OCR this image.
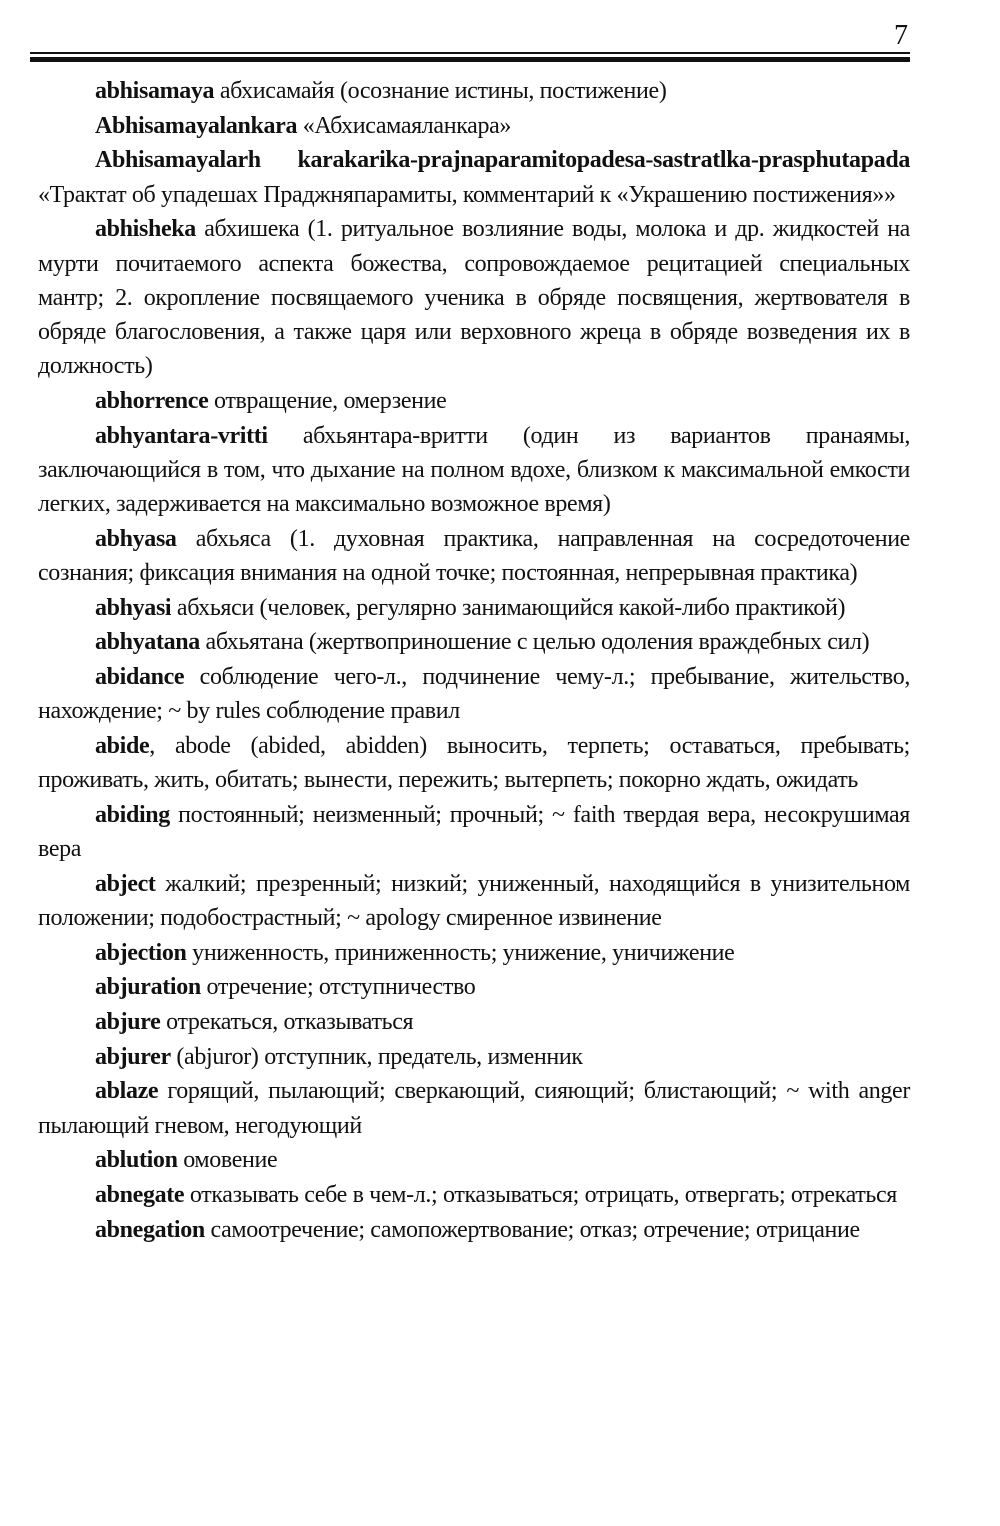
7

abhisamaya абхисамайя (осознание истины, постижение)

Abhisamayalankara «Абхисамаяланкара»

Abhisamayalarh karakarika-prajnaparamitopadesa-sastratlka-prasphutapada «Трактат об упадешах Праджняпарамиты, комментарий к «Украшению постижения»»

abhisheka абхишека (1. ритуальное возлияние воды, молока и др. жидкостей на мурти почитаемого аспекта божества, сопровождаемое рецитацией специальных мантр; 2. окропление посвящаемого ученика в обряде посвящения, жертвователя в обряде благословения, а также царя или верховного жреца в обряде возведения их в должность)

abhorrence отвращение, омерзение

abhyantara-vritti абхьянтара-вритти (один из вариантов пранаямы, заключающийся в том, что дыхание на полном вдохе, близком к максимальной емкости легких, задерживается на максимально возможное время)

abhyasa абхьяса (1. духовная практика, направленная на сосредоточение сознания; фиксация внимания на одной точке; постоянная, непрерывная практика)

abhyasi абхьяси (человек, регулярно занимающийся какой-либо практикой)

abhyatana абхьятана (жертвоприношение с целью одоления враждебных сил)

abidance соблюдение чего-л., подчинение чему-л.; пребывание, жительство, нахождение; ~ by rules соблюдение правил

abide, abode (abided, abidden) выносить, терпеть; оставаться, пребывать; проживать, жить, обитать; вынести, пережить; вытерпеть; покорно ждать, ожидать

abiding постоянный; неизменный; прочный; ~ faith твердая вера, несокрушимая вера

abject жалкий; презренный; низкий; униженный, находящийся в унизительном положении; подобострастный; ~ apology смиренное извинение

abjection униженность, приниженность; унижение, уничижение

abjuration отречение; отступничество

abjure отрекаться, отказываться

abjurer (abjuror) отступник, предатель, изменник

ablaze горящий, пылающий; сверкающий, сияющий; блистающий; ~ with anger пылающий гневом, негодующий

ablution омовение

abnegate отказывать себе в чем-л.; отказываться; отрицать, отвергать; отрекаться

abnegation самоотречение; самопожертвование; отказ; отречение; отрицание
